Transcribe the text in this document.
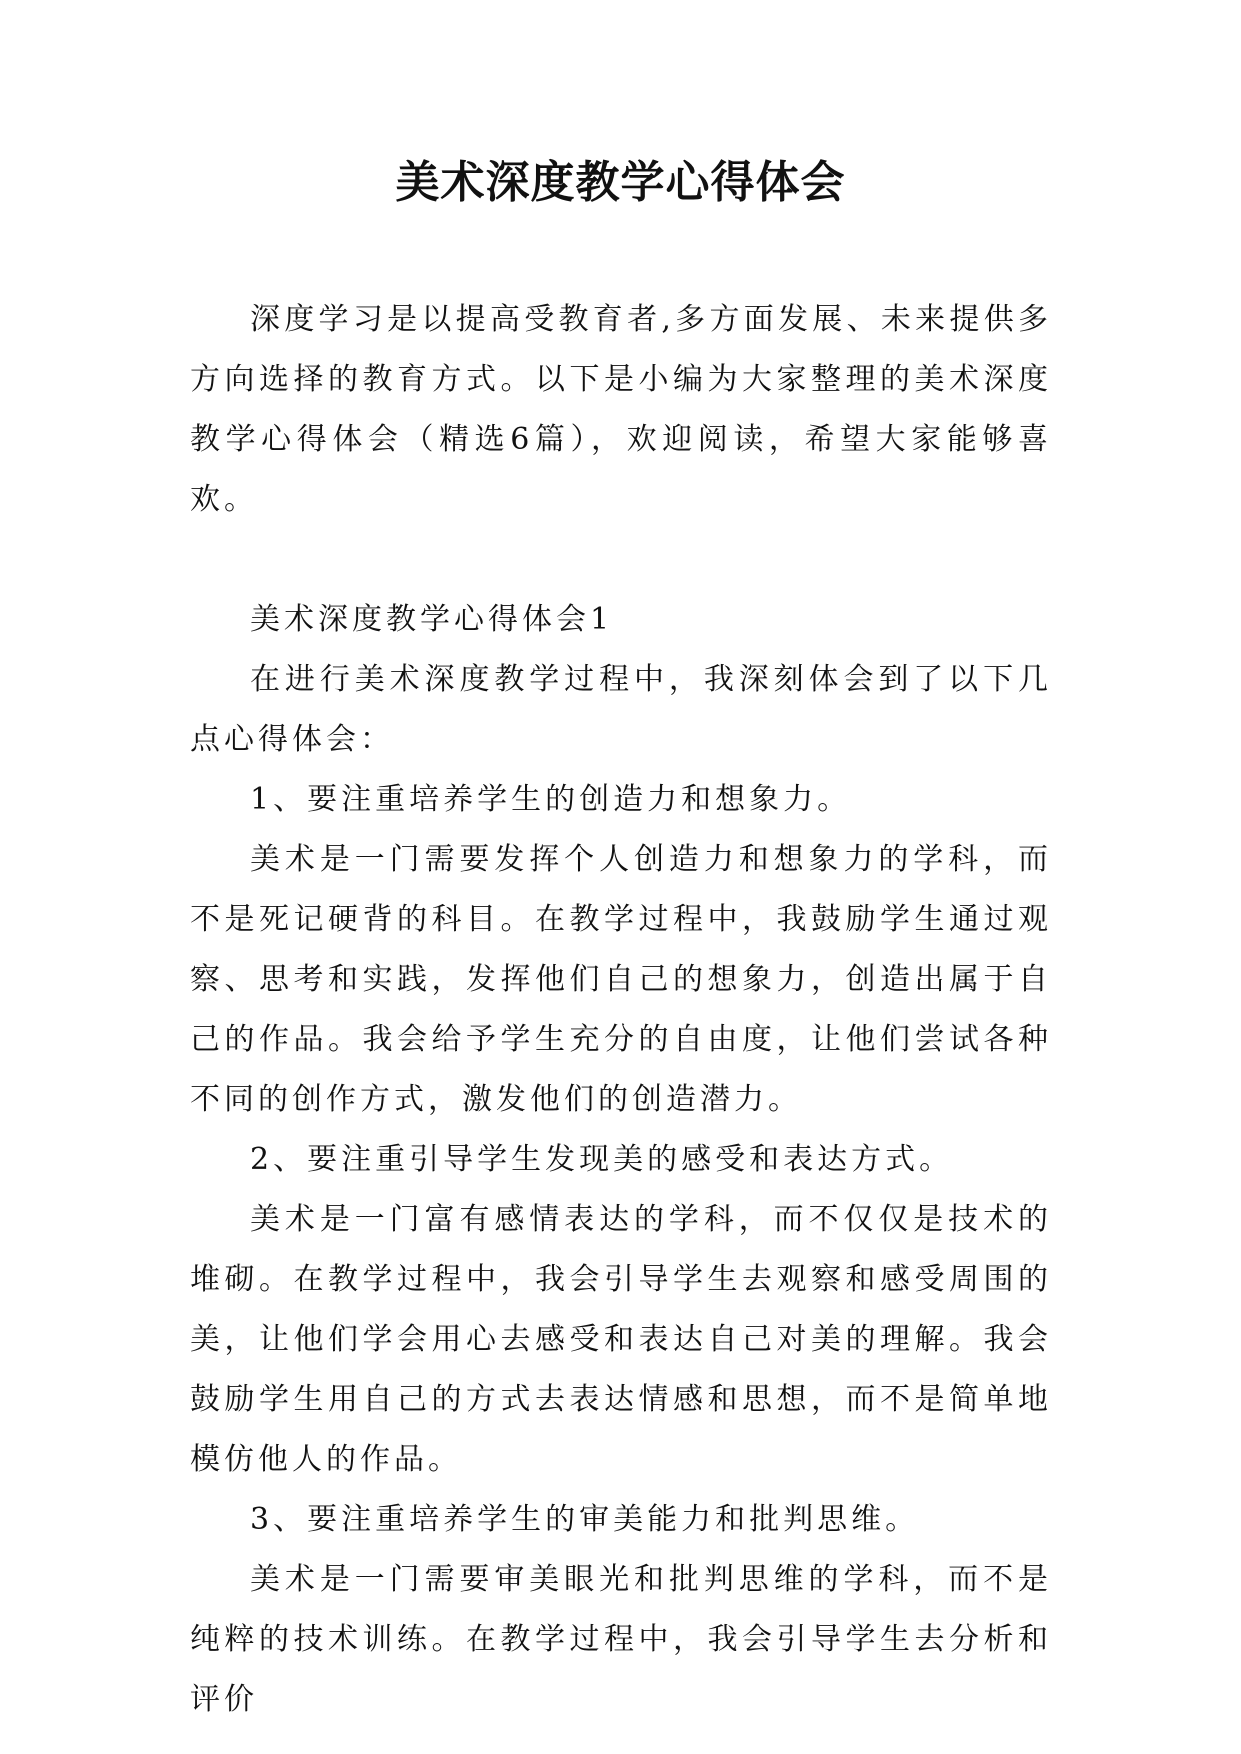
美术深度教学心得体会

深度学习是以提高受教育者,多方面发展、未来提供多方向选择的教育方式。以下是小编为大家整理的美术深度教学心得体会（精选6篇），欢迎阅读，希望大家能够喜欢。

美术深度教学心得体会1

在进行美术深度教学过程中，我深刻体会到了以下几点心得体会：

1、要注重培养学生的创造力和想象力。

美术是一门需要发挥个人创造力和想象力的学科，而不是死记硬背的科目。在教学过程中，我鼓励学生通过观察、思考和实践，发挥他们自己的想象力，创造出属于自己的作品。我会给予学生充分的自由度，让他们尝试各种不同的创作方式，激发他们的创造潜力。

2、要注重引导学生发现美的感受和表达方式。

美术是一门富有感情表达的学科，而不仅仅是技术的堆砌。在教学过程中，我会引导学生去观察和感受周围的美，让他们学会用心去感受和表达自己对美的理解。我会鼓励学生用自己的方式去表达情感和思想，而不是简单地模仿他人的作品。

3、要注重培养学生的审美能力和批判思维。

美术是一门需要审美眼光和批判思维的学科，而不是纯粹的技术训练。在教学过程中，我会引导学生去分析和评价
